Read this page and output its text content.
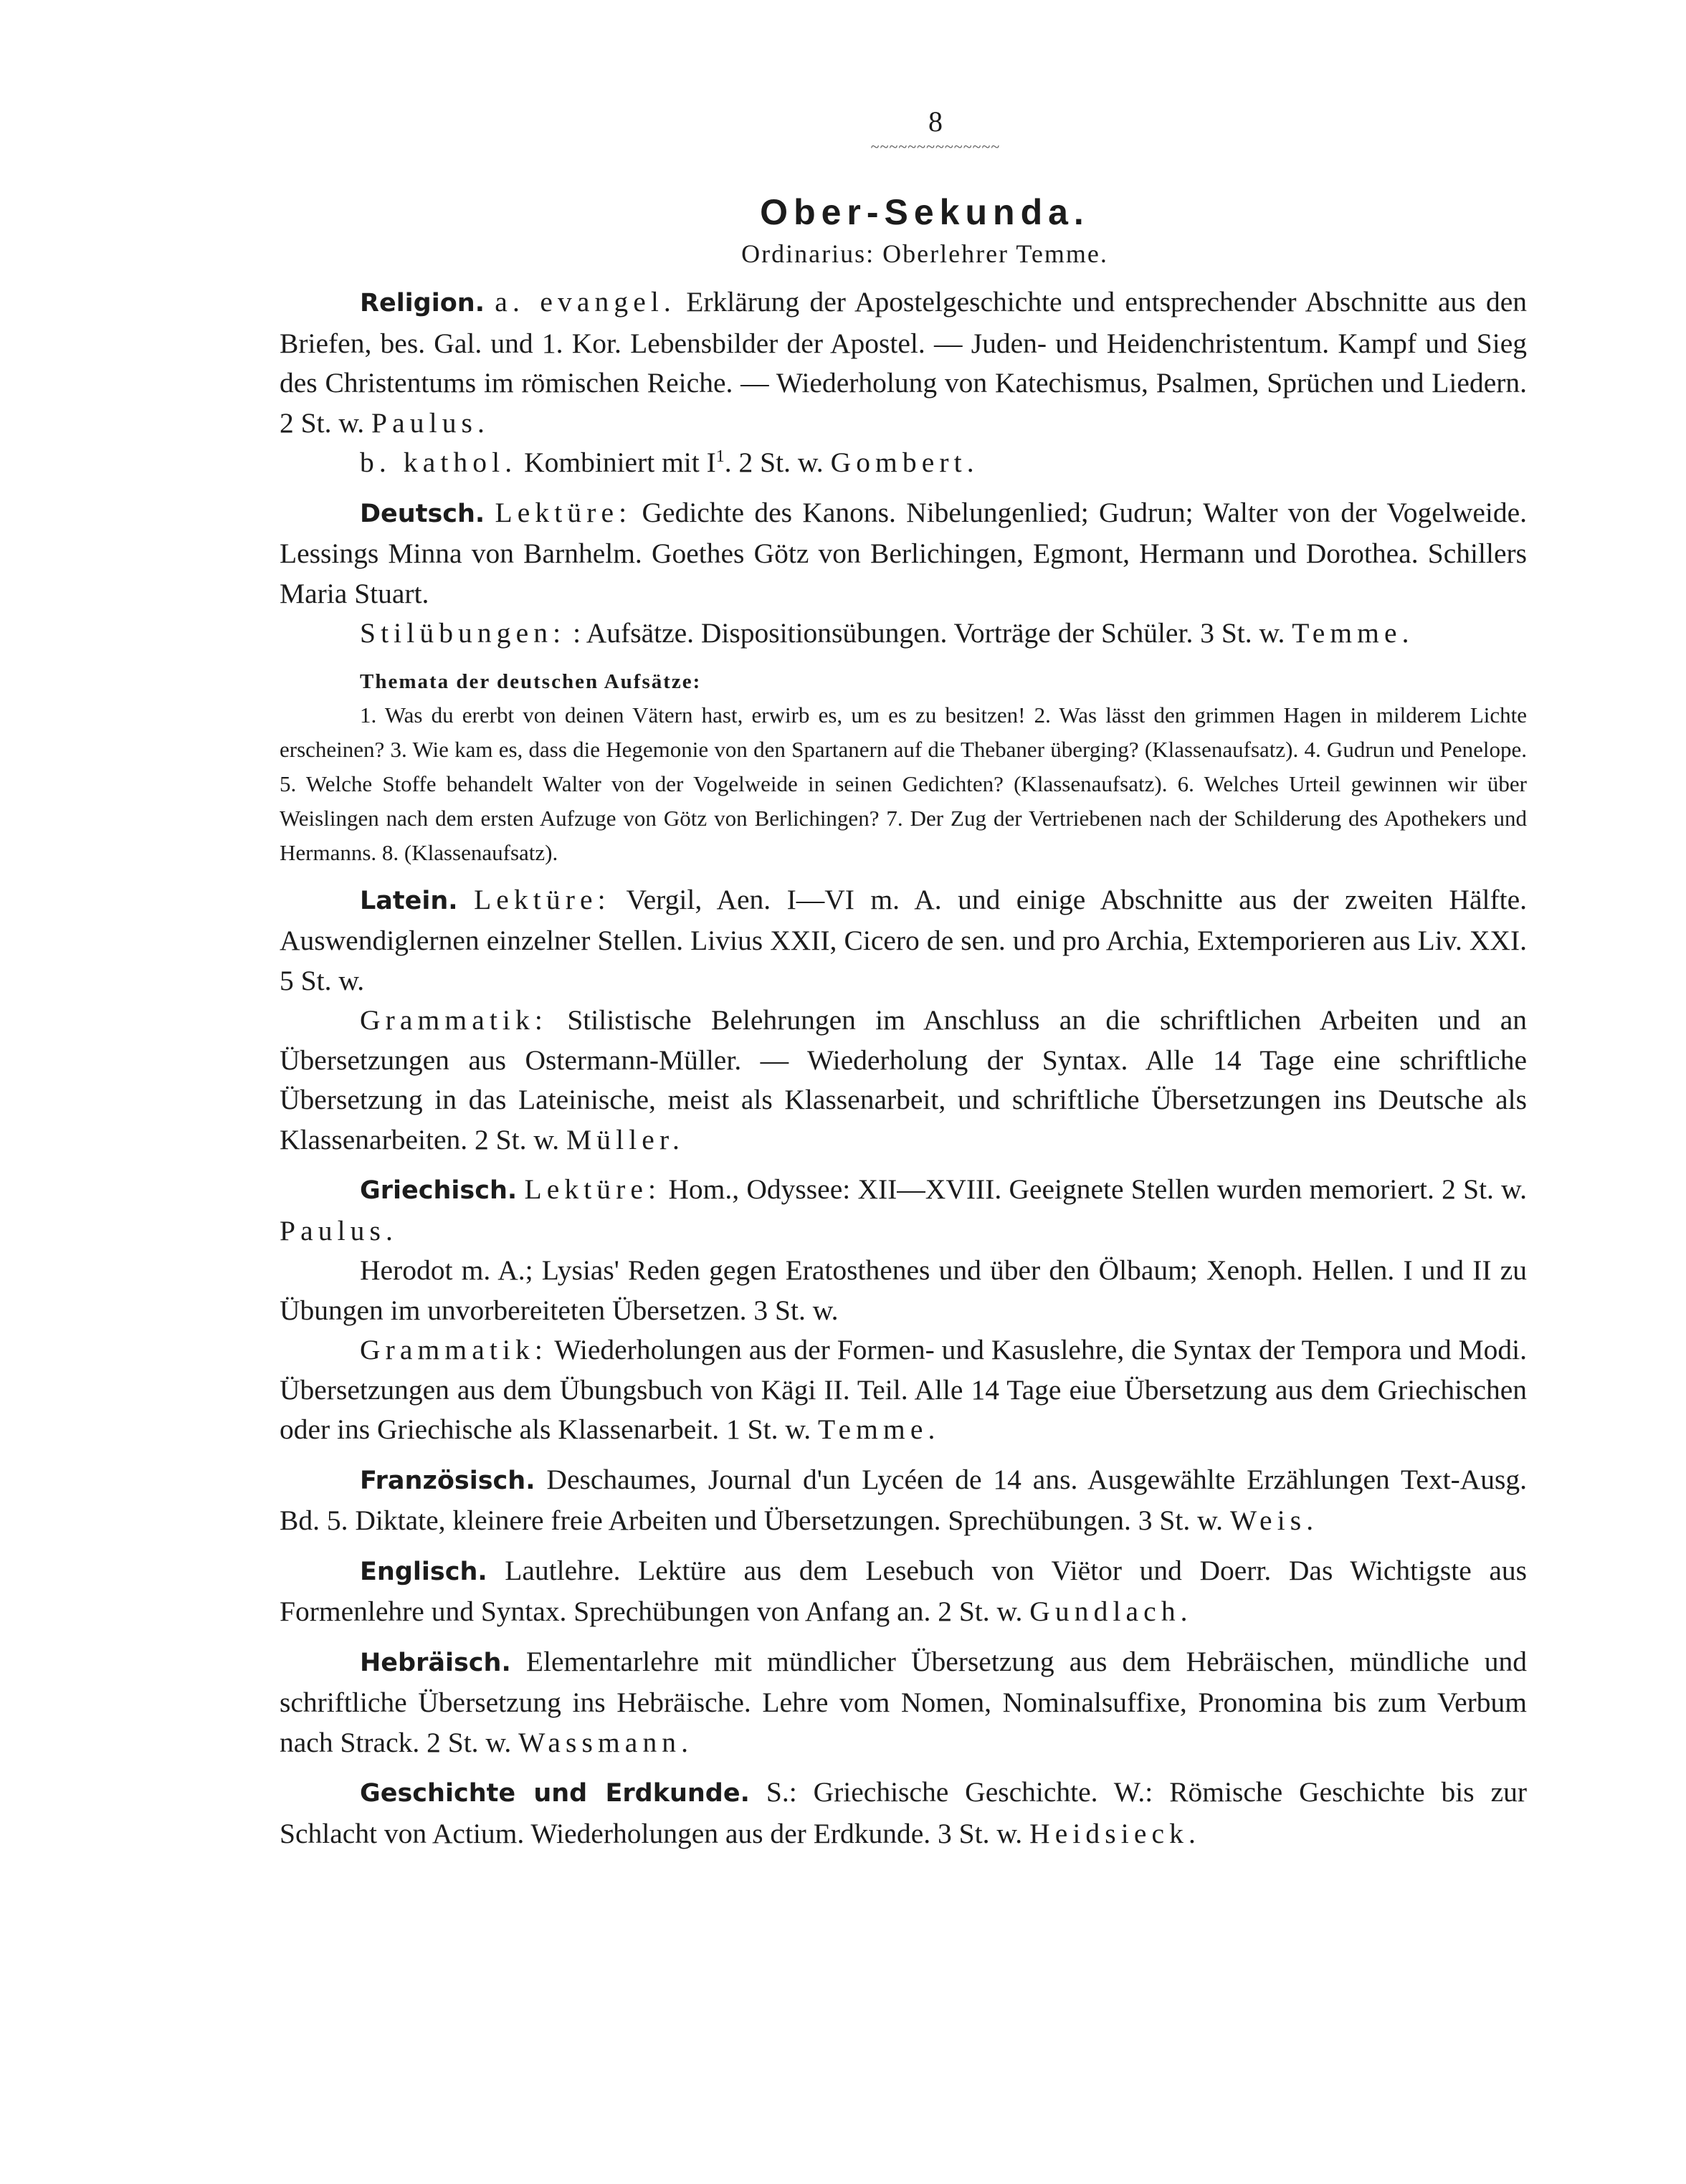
8
~~~~~~~~~~~~~~
Ober-Sekunda.
Ordinarius: Oberlehrer Temme.

Religion. a. evangel. Erklärung der Apostelgeschichte und entsprechender Abschnitte aus den Briefen, bes. Gal. und 1. Kor. Lebensbilder der Apostel. — Juden- und Heidenchristentum. Kampf und Sieg des Christentums im römischen Reiche. — Wiederholung von Katechismus, Psalmen, Sprüchen und Liedern. 2 St. w. Paulus.

b. kathol. Kombiniert mit $I^1$. 2 St. w. Gombert.

Deutsch. Lektüre: Gedichte des Kanons. Nibelungenlied; Gudrun; Walter von der Vogelweide. Lessings Minna von Barnhelm. Goethes Götz von Berlichingen, Egmont, Hermann und Dorothea. Schillers Maria Stuart.

Stilübungen: : Aufsätze. Dispositionsübungen. Vorträge der Schüler. 3 St. w. Temme.

Themata der deutschen Aufsätze:

1. Was du ererbt von deinen Vätern hast, erwirb es, um es zu besitzen! 2. Was lässt den grimmen Hagen in milderem Lichte erscheinen? 3. Wie kam es, dass die Hegemonie von den Spartanern auf die Thebaner überging? (Klassenaufsatz). 4. Gudrun und Penelope. 5. Welche Stoffe behandelt Walter von der Vogelweide in seinen Gedichten? (Klassenaufsatz). 6. Welches Urteil gewinnen wir über Weislingen nach dem ersten Aufzuge von Götz von Berlichingen? 7. Der Zug der Vertriebenen nach der Schilderung des Apothekers und Hermanns. 8. (Klassenaufsatz).

Latein. Lektüre: Vergil, Aen. I—VI m. A. und einige Abschnitte aus der zweiten Hälfte. Auswendiglernen einzelner Stellen. Livius XXII, Cicero de sen. und pro Archia, Extemporieren aus Liv. XXI. 5 St. w.

Grammatik: Stilistische Belehrungen im Anschluss an die schriftlichen Arbeiten und an Übersetzungen aus Ostermann-Müller. — Wiederholung der Syntax. Alle 14 Tage eine schriftliche Übersetzung in das Lateinische, meist als Klassenarbeit, und schriftliche Übersetzungen ins Deutsche als Klassenarbeiten. 2 St. w. Müller.

Griechisch. Lektüre: Hom., Odyssee: XII—XVIII. Geeignete Stellen wurden memoriert. 2 St. w. Paulus.

Herodot m. A.; Lysias' Reden gegen Eratosthenes und über den Ölbaum; Xenoph. Hellen. I und II zu Übungen im unvorbereiteten Übersetzen. 3 St. w.

Grammatik: Wiederholungen aus der Formen- und Kasuslehre, die Syntax der Tempora und Modi. Übersetzungen aus dem Übungsbuch von Kägi II. Teil. Alle 14 Tage eiue Übersetzung aus dem Griechischen oder ins Griechische als Klassenarbeit. 1 St. w. Temme.

Französisch. Deschaumes, Journal d'un Lycéen de 14 ans. Ausgewählte Erzählungen Text-Ausg. Bd. 5. Diktate, kleinere freie Arbeiten und Übersetzungen. Sprechübungen. 3 St. w. Weis.

Englisch. Lautlehre. Lektüre aus dem Lesebuch von Viëtor und Doerr. Das Wichtigste aus Formenlehre und Syntax. Sprechübungen von Anfang an. 2 St. w. Gundlach.

Hebräisch. Elementarlehre mit mündlicher Übersetzung aus dem Hebräischen, mündliche und schriftliche Übersetzung ins Hebräische. Lehre vom Nomen, Nominalsuffixe, Pronomina bis zum Verbum nach Strack. 2 St. w. Wassmann.

Geschichte und Erdkunde. S.: Griechische Geschichte. W.: Römische Geschichte bis zur Schlacht von Actium. Wiederholungen aus der Erdkunde. 3 St. w. Heidsieck.
